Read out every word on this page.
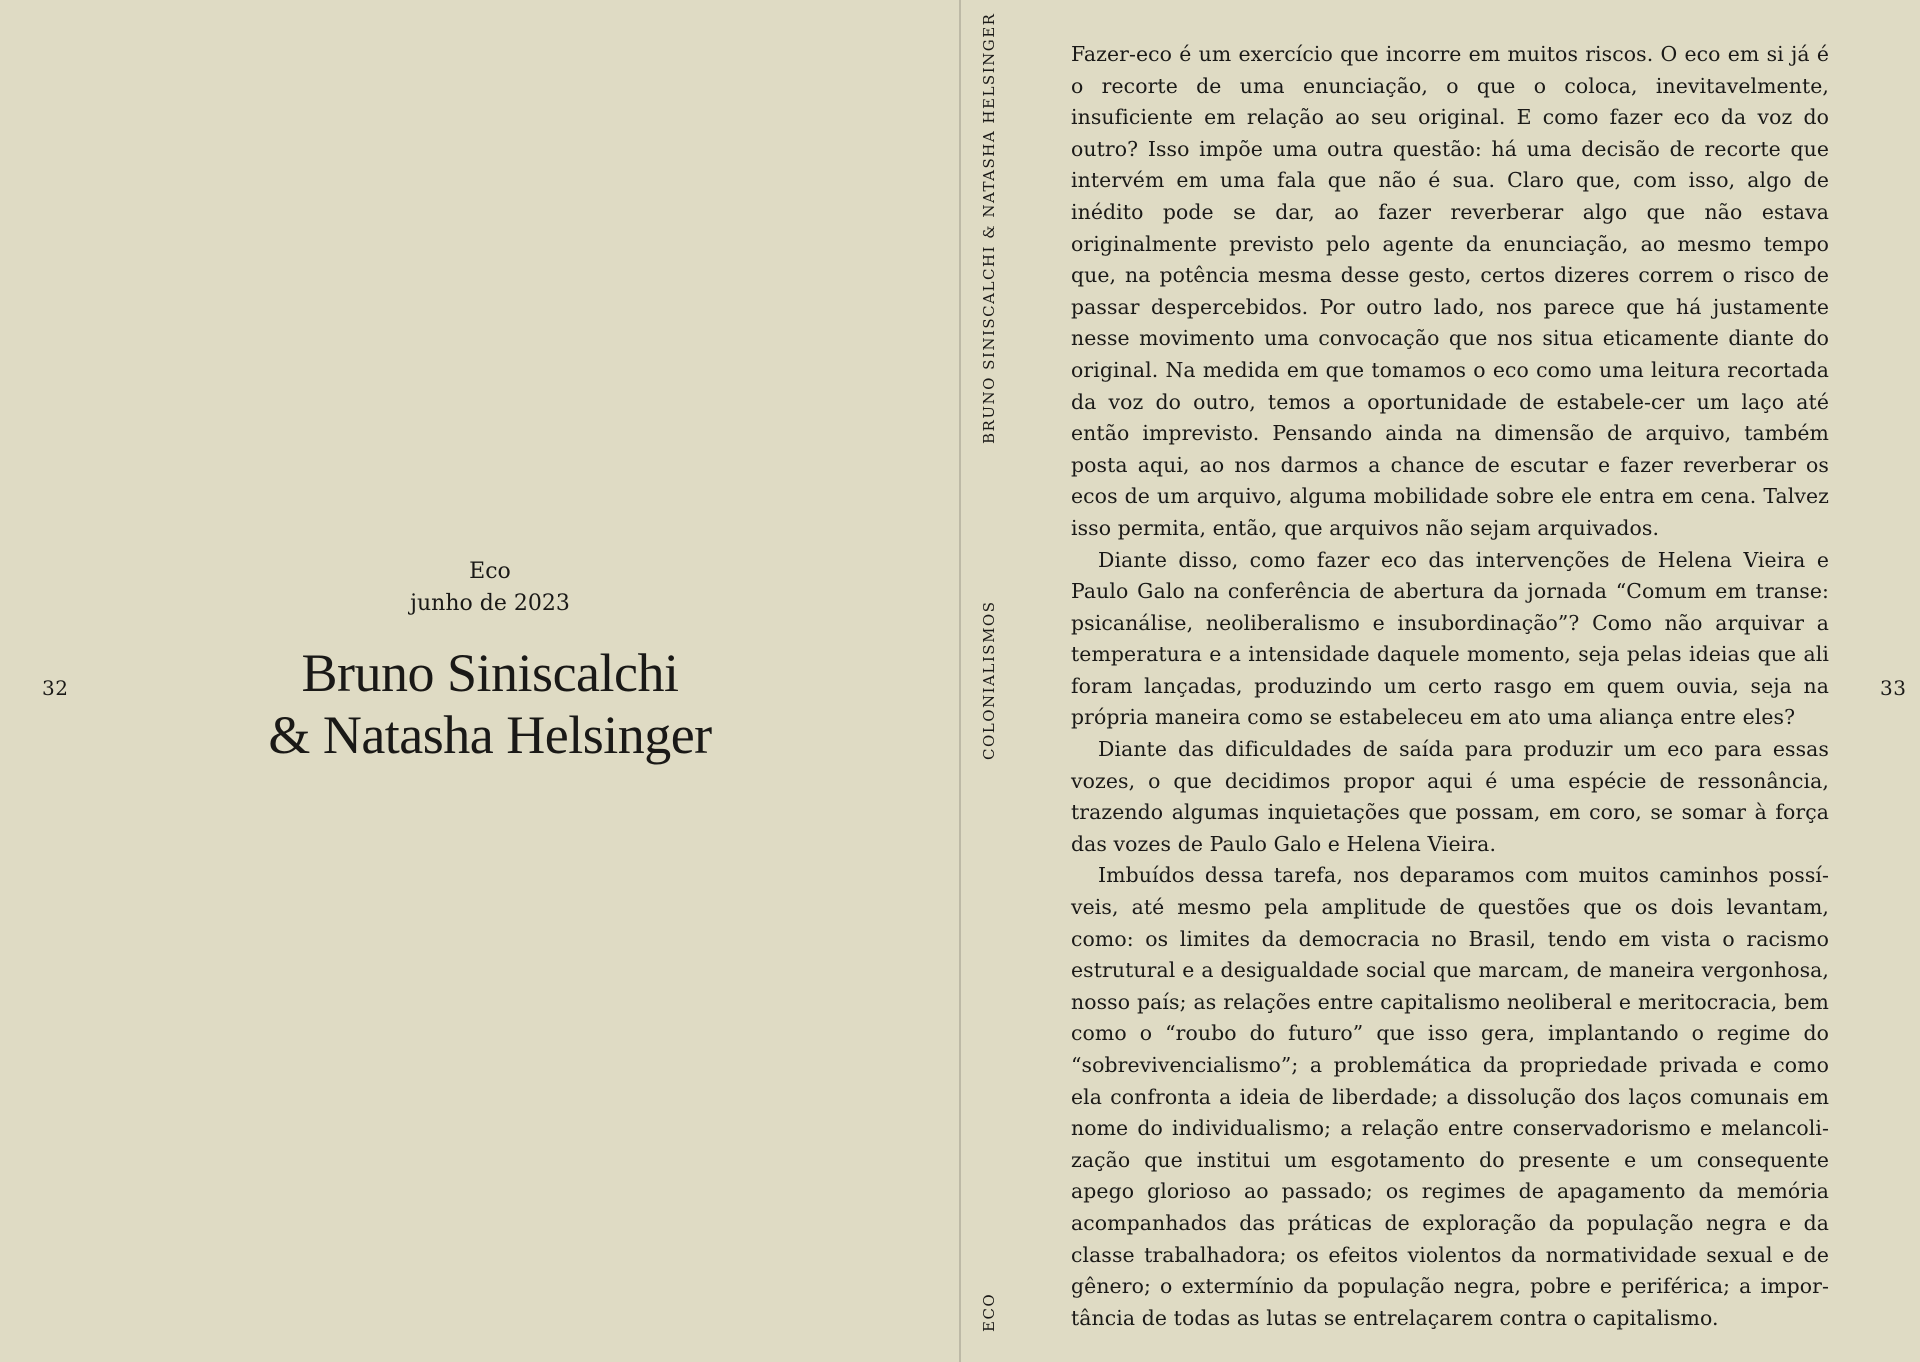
32
Eco
junho de 2023
Bruno Siniscalchi
& Natasha Helsinger
BRUNO SINISCALCHI & NATASHA HELSINGER
COLONIALISMOS
ECO

Fazer-eco é um exercício que incorre em muitos riscos. O eco em si já é o recorte de uma enunciação, o que o coloca, inevitavelmente, insuficiente em relação ao seu original. E como fazer eco da voz do outro? Isso impõe uma outra questão: há uma decisão de recorte que intervém em uma fala que não é sua. Claro que, com isso, algo de inédito pode se dar, ao fazer reverberar algo que não estava originalmente previsto pelo agente da enunciação, ao mesmo tempo que, na potência mesma desse gesto, certos dizeres correm o risco de passar despercebidos. Por outro lado, nos parece que há justamente nesse movimento uma convocação que nos situa eticamente diante do original. Na medida em que tomamos o eco como uma leitura recortada da voz do outro, temos a oportunidade de estabele-cer um laço até então imprevisto. Pensando ainda na dimensão de arquivo, também posta aqui, ao nos darmos a chance de escutar e fazer reverberar os ecos de um arquivo, alguma mobilidade sobre ele entra em cena. Talvez isso permita, então, que arquivos não sejam arquivados.

Diante disso, como fazer eco das intervenções de Helena Vieira e Paulo Galo na conferência de abertura da jornada “Comum em transe: psicanálise, neoliberalismo e insubordinação”? Como não arquivar a temperatura e a intensidade daquele momento, seja pelas ideias que ali foram lançadas, produzindo um certo rasgo em quem ouvia, seja na própria maneira como se estabeleceu em ato uma aliança entre eles?

Diante das dificuldades de saída para produzir um eco para essas vozes, o que decidimos propor aqui é uma espécie de ressonância, trazendo algumas inquietações que possam, em coro, se somar à força das vozes de Paulo Galo e Helena Vieira.

Imbuídos dessa tarefa, nos deparamos com muitos caminhos possí-veis, até mesmo pela amplitude de questões que os dois levantam, como: os limites da democracia no Brasil, tendo em vista o racismo estrutural e a desigualdade social que marcam, de maneira vergonhosa, nosso país; as relações entre capitalismo neoliberal e meritocracia, bem como o “roubo do futuro” que isso gera, implantando o regime do “sobrevivencialismo”; a problemática da propriedade privada e como ela confronta a ideia de liberdade; a dissolução dos laços comunais em nome do individualismo; a relação entre conservadorismo e melancoli-zação que institui um esgotamento do presente e um consequente apego glorioso ao passado; os regimes de apagamento da memória acompanhados das práticas de exploração da população negra e da classe trabalhadora; os efeitos violentos da normatividade sexual e de gênero; o extermínio da população negra, pobre e periférica; a impor-tância de todas as lutas se entrelaçarem contra o capitalismo.

33
